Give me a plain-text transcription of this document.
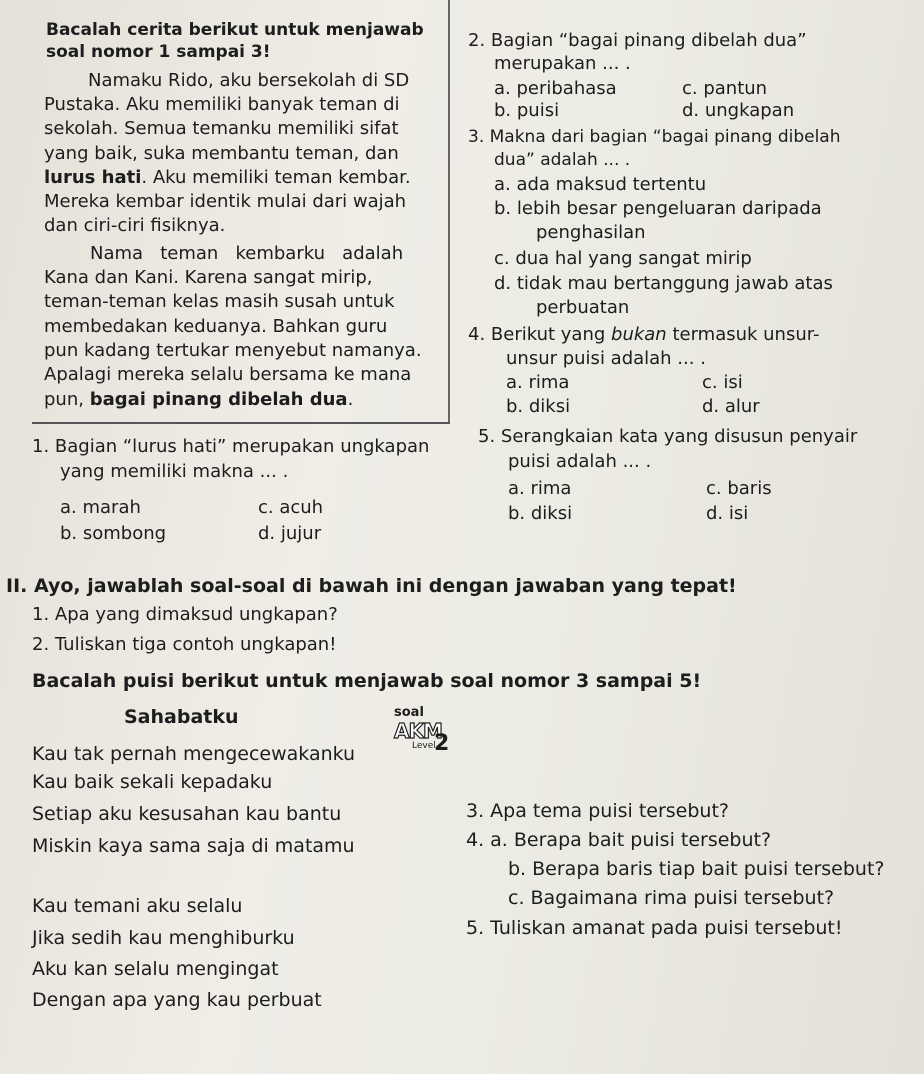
Bacalah cerita berikut untuk menjawab
soal nomor 1 sampai 3!
Namaku Rido, aku bersekolah di SD
Pustaka. Aku memiliki banyak teman di
sekolah. Semua temanku memiliki sifat
yang baik, suka membantu teman, dan
lurus hati. Aku memiliki teman kembar.
Mereka kembar identik mulai dari wajah
dan ciri-ciri fisiknya.
Nama   teman   kembarku   adalah
Kana dan Kani. Karena sangat mirip,
teman-teman kelas masih susah untuk
membedakan keduanya. Bahkan guru
pun kadang tertukar menyebut namanya.
Apalagi mereka selalu bersama ke mana
pun, bagai pinang dibelah dua.
1. Bagian “lurus hati” merupakan ungkapan
yang memiliki makna ... .
a. marah	c. acuh
b. sombong	d. jujur
2. Bagian “bagai pinang dibelah dua”
merupakan ... .
a. peribahasa	c. pantun
b. puisi	d. ungkapan
3. Makna dari bagian “bagai pinang dibelah
dua” adalah ... .
a. ada maksud tertentu
b. lebih besar pengeluaran daripada
penghasilan
c. dua hal yang sangat mirip
d. tidak mau bertanggung jawab atas
perbuatan
4. Berikut yang bukan termasuk unsur-
unsur puisi adalah ... .
a. rima	c. isi
b. diksi	d. alur
5. Serangkaian kata yang disusun penyair
puisi adalah ... .
a. rima	c. baris
b. diksi	d. isi
II. Ayo, jawablah soal-soal di bawah ini dengan jawaban yang tepat!
1. Apa yang dimaksud ungkapan?
2. Tuliskan tiga contoh ungkapan!
Bacalah puisi berikut untuk menjawab soal nomor 3 sampai 5!
Sahabatku	soal
AKM
Level
2
Kau tak pernah mengecewakanku
Kau baik sekali kepadaku
Setiap aku kesusahan kau bantu
Miskin kaya sama saja di matamu
Kau temani aku selalu
Jika sedih kau menghiburku
Aku kan selalu mengingat
Dengan apa yang kau perbuat
3. Apa tema puisi tersebut?
4. a. Berapa bait puisi tersebut?
b. Berapa baris tiap bait puisi tersebut?
c. Bagaimana rima puisi tersebut?
5. Tuliskan amanat pada puisi tersebut!
